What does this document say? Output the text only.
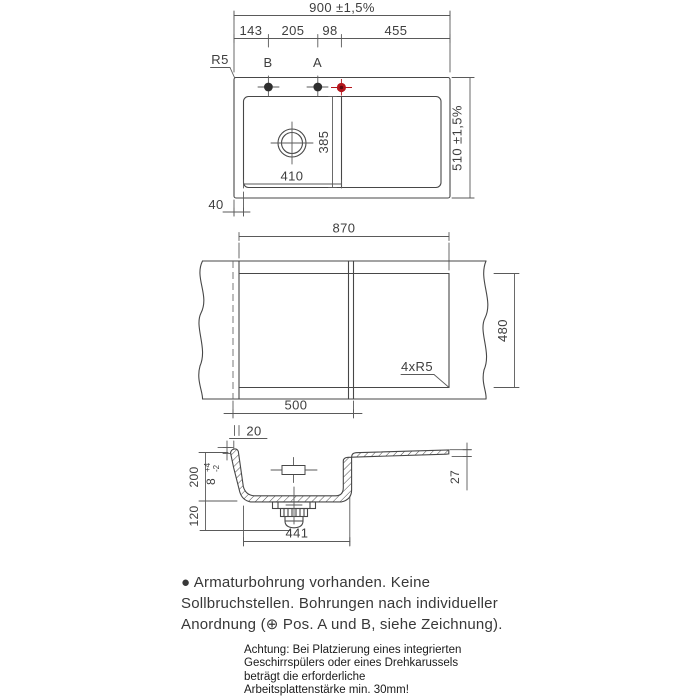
900 ±1,5%
143 205 98	455
R5	B	A
385
410
40
510 ±1,5%
870
4xR5
480
500
20
200
120
8
+4 -2
441
27
● Armaturbohrung vorhanden. Keine
Sollbruchstellen. Bohrungen nach individueller
Anordnung (⊕ Pos. A und B, siehe Zeichnung).
Achtung: Bei Platzierung eines integrierten
Geschirrspülers oder eines Drehkarussels
beträgt die erforderliche
Arbeitsplattenstärke min. 30mm!
